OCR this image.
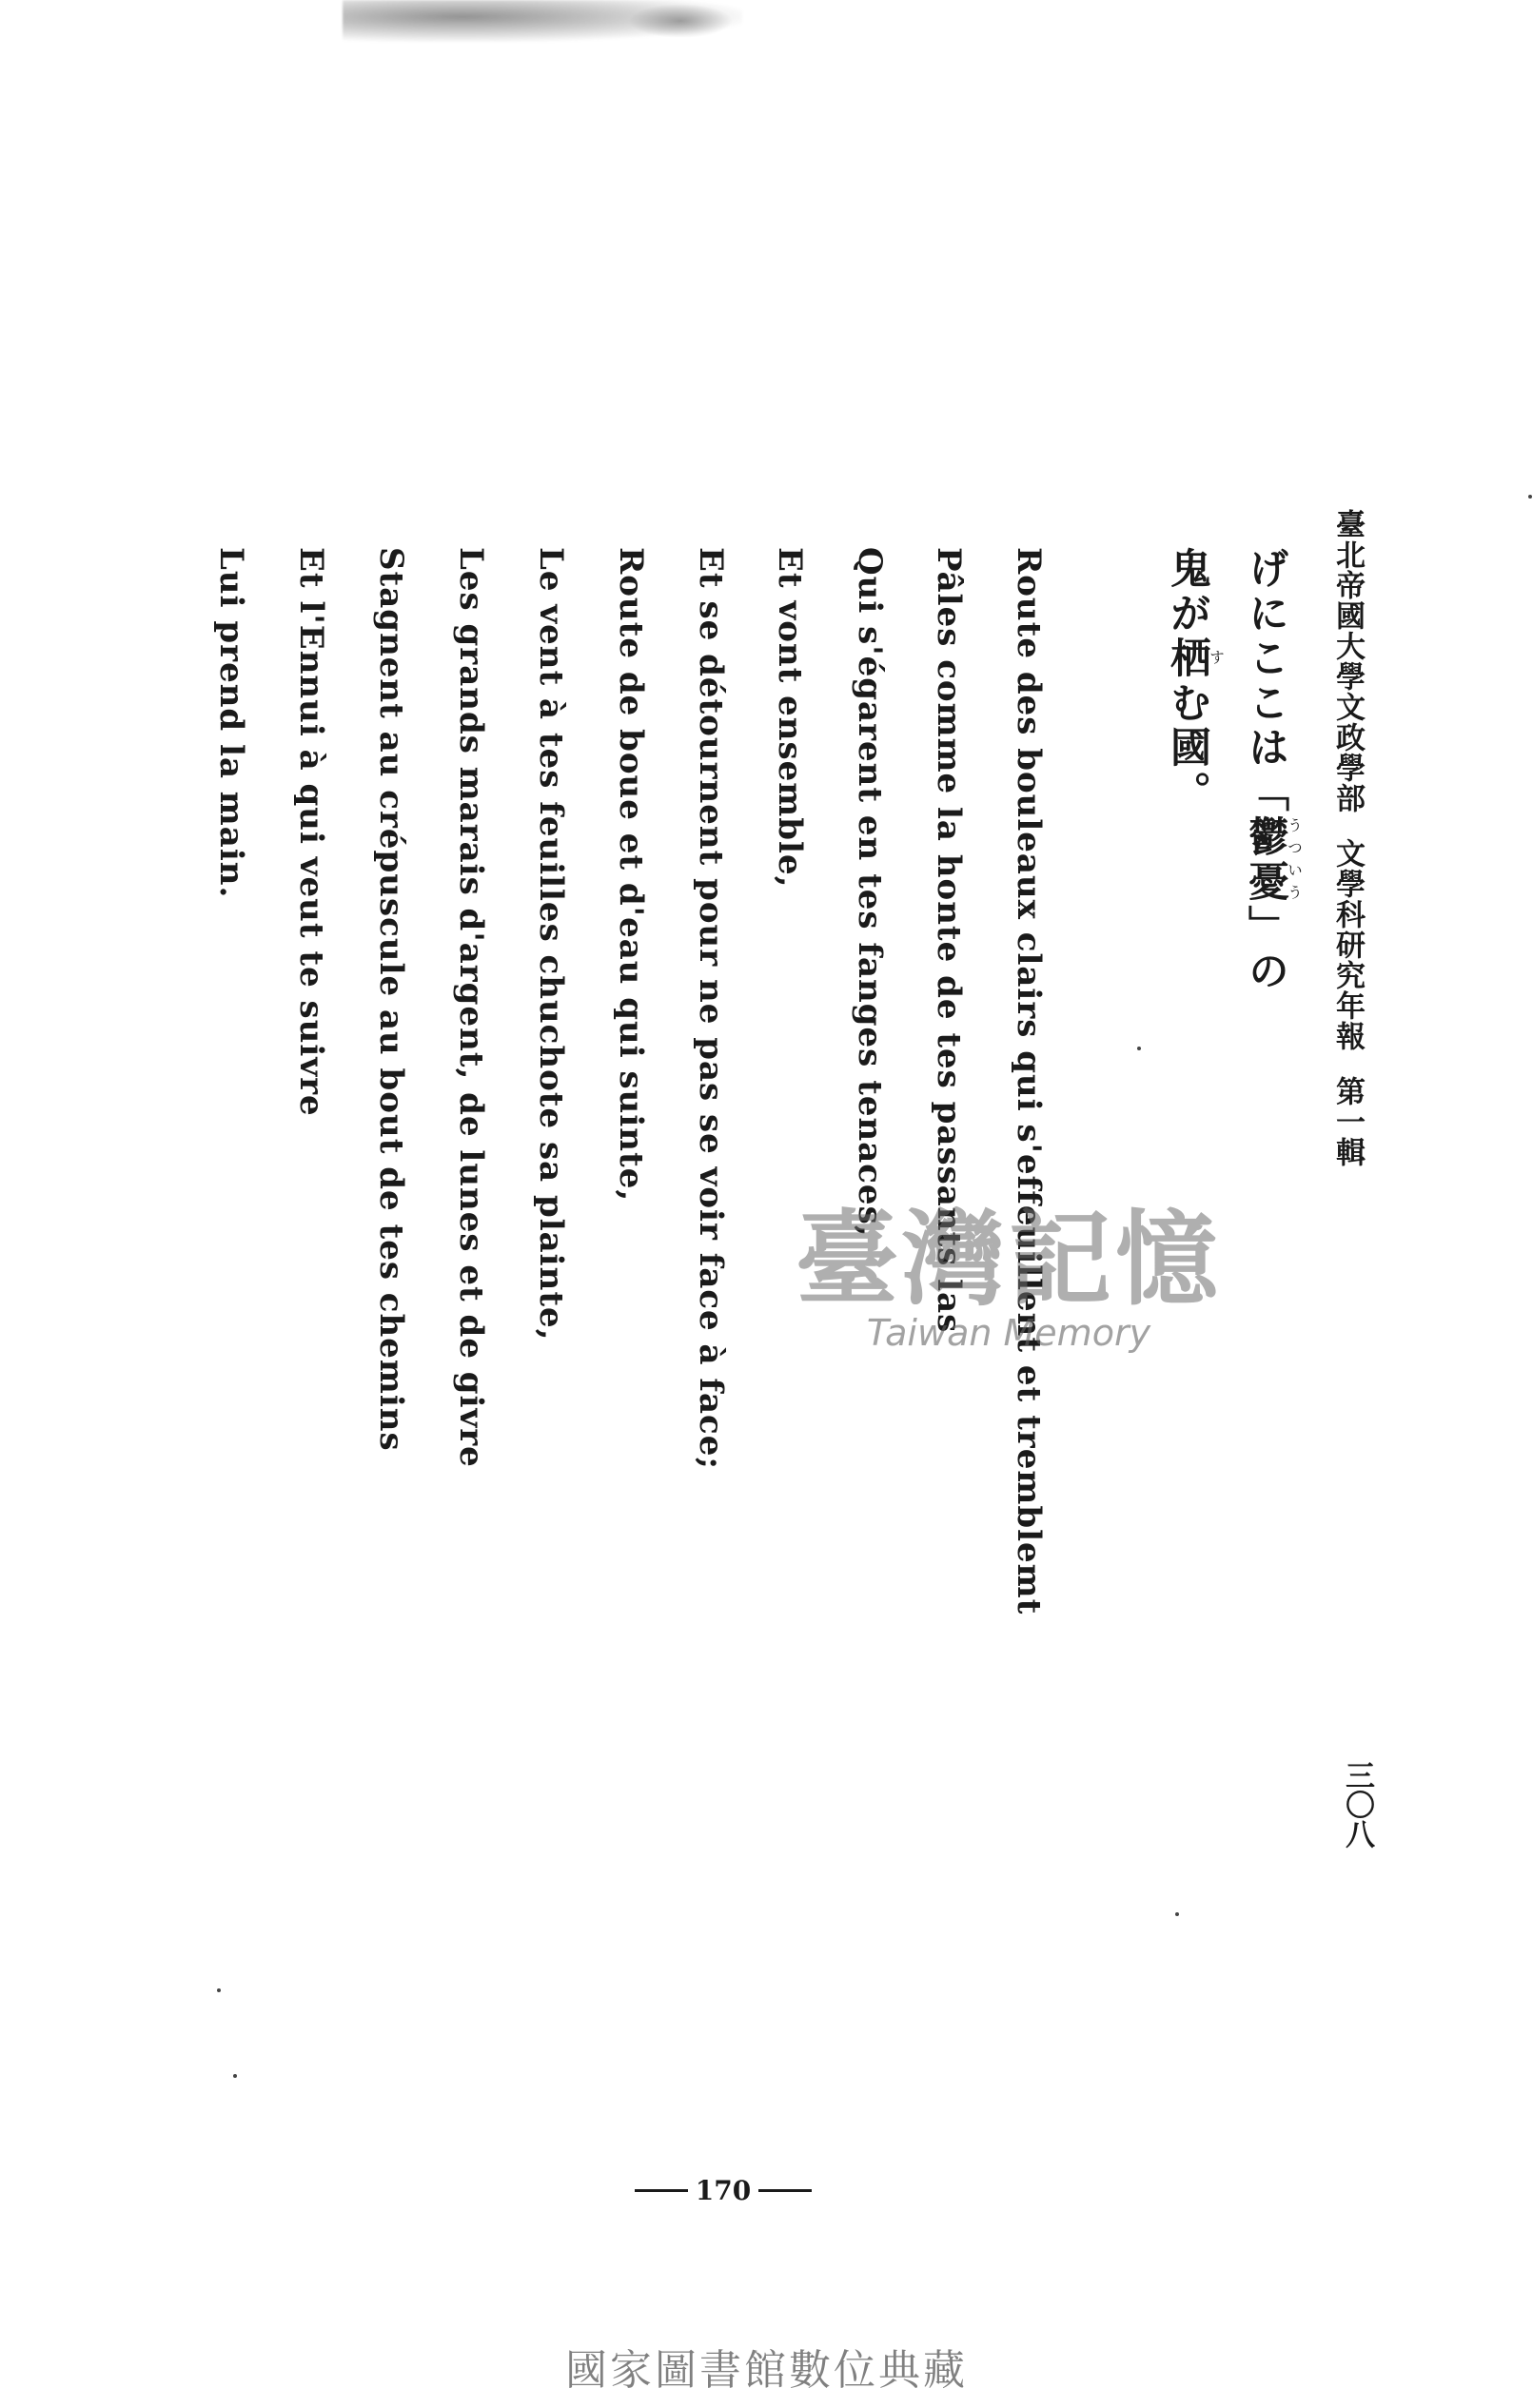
臺北帝國大學文政學部文學科研究年報第一輯
三〇八
げにここは「鬱憂うついう」の
鬼が栖すむ國。
Route des bouleaux clairs qui s'effeuillent et tremblemt
Pâles comme la honte de tes passants las
Qui s'égarent en tes fanges tenaces,
Et vont ensemble,
Et se détournent pour ne pas se voir face à face;
Route de boue et d'eau qui suinte,
Le vent à tes feuilles chuchote sa plainte,
Les grands marais d'argent, de lunes et de givre
Stagnent au crépuscule au bout de tes chemins
Et l'Ennui à qui veut te suivre
Lui prend la main.
臺灣記憶
Taiwan Memory
170
國家圖書館數位典藏
